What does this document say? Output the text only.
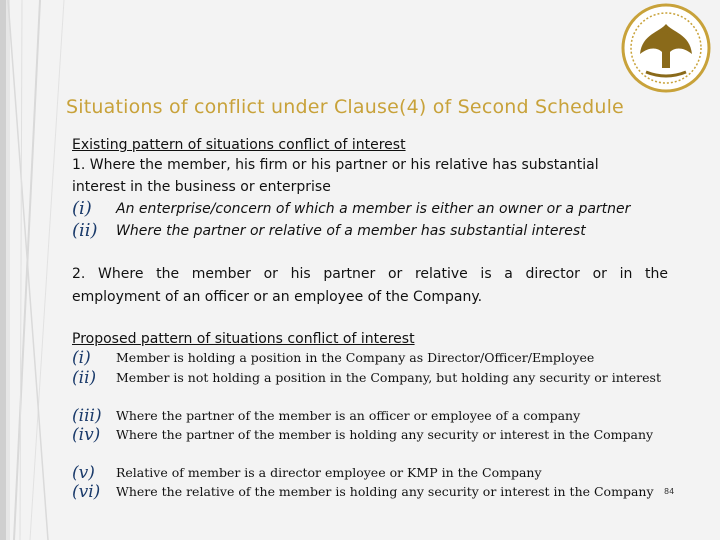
Situations of conflict under Clause(4) of Second Schedule
Existing pattern of situations conflict of interest
1. Where the member, his firm or his partner or his relative has substantial
interest in the business or enterprise
(i)	An enterprise/concern of which a member is either an owner or a partner
(ii)	Where the partner or relative of a member has substantial interest
2. Where the member or his partner or relative is a director or in the
employment of an officer or an employee of the Company.
Proposed pattern of situations conflict of interest
(i)	Member is holding a position in the Company as Director/Officer/Employee
(ii)	Member is not holding a position in the Company, but holding any security or interest
(iii)	Where the partner of the member is an officer or employee of a company
(iv)	Where the partner of the member is holding any security or interest in the Company
(v)	Relative of member is a director employee or KMP in the Company
(vi)	Where the relative of the member is holding any security or interest in the Company	84
